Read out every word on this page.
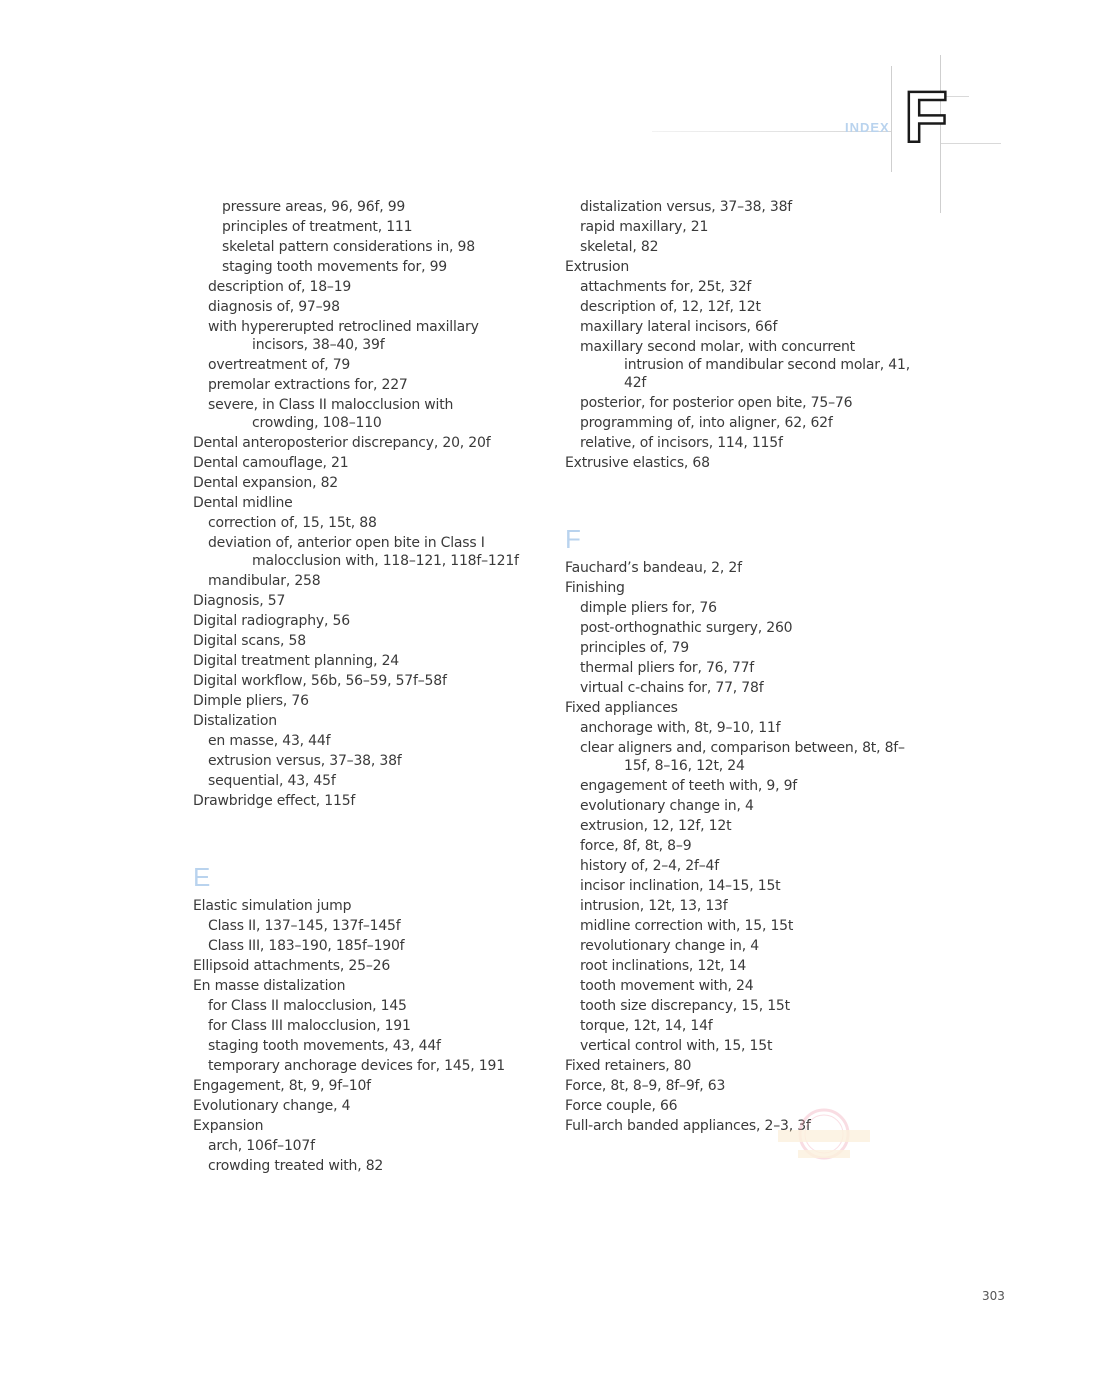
INDEX F
pressure areas, 96, 96f, 99
principles of treatment, 111
skeletal pattern considerations in, 98
staging tooth movements for, 99
description of, 18–19
diagnosis of, 97–98
with hypererupted retroclined maxillary incisors, 38–40, 39f
overtreatment of, 79
premolar extractions for, 227
severe, in Class II malocclusion with crowding, 108–110
Dental anteroposterior discrepancy, 20, 20f
Dental camouflage, 21
Dental expansion, 82
Dental midline
correction of, 15, 15t, 88
deviation of, anterior open bite in Class I malocclusion with, 118–121, 118f–121f
mandibular, 258
Diagnosis, 57
Digital radiography, 56
Digital scans, 58
Digital treatment planning, 24
Digital workflow, 56b, 56–59, 57f–58f
Dimple pliers, 76
Distalization
en masse, 43, 44f
extrusion versus, 37–38, 38f
sequential, 43, 45f
Drawbridge effect, 115f
E
Elastic simulation jump
Class II, 137–145, 137f–145f
Class III, 183–190, 185f–190f
Ellipsoid attachments, 25–26
En masse distalization
for Class II malocclusion, 145
for Class III malocclusion, 191
staging tooth movements, 43, 44f
temporary anchorage devices for, 145, 191
Engagement, 8t, 9, 9f–10f
Evolutionary change, 4
Expansion
arch, 106f–107f
crowding treated with, 82
distalization versus, 37–38, 38f
rapid maxillary, 21
skeletal, 82
Extrusion
attachments for, 25t, 32f
description of, 12, 12f, 12t
maxillary lateral incisors, 66f
maxillary second molar, with concurrent intrusion of mandibular second molar, 41, 42f
posterior, for posterior open bite, 75–76
programming of, into aligner, 62, 62f
relative, of incisors, 114, 115f
Extrusive elastics, 68
F
Fauchard’s bandeau, 2, 2f
Finishing
dimple pliers for, 76
post-orthognathic surgery, 260
principles of, 79
thermal pliers for, 76, 77f
virtual c-chains for, 77, 78f
Fixed appliances
anchorage with, 8t, 9–10, 11f
clear aligners and, comparison between, 8t, 8f–15f, 8–16, 12t, 24
engagement of teeth with, 9, 9f
evolutionary change in, 4
extrusion, 12, 12f, 12t
force, 8f, 8t, 8–9
history of, 2–4, 2f–4f
incisor inclination, 14–15, 15t
intrusion, 12t, 13, 13f
midline correction with, 15, 15t
revolutionary change in, 4
root inclinations, 12t, 14
tooth movement with, 24
tooth size discrepancy, 15, 15t
torque, 12t, 14, 14f
vertical control with, 15, 15t
Fixed retainers, 80
Force, 8t, 8–9, 8f–9f, 63
Force couple, 66
Full-arch banded appliances, 2–3, 3f
303
